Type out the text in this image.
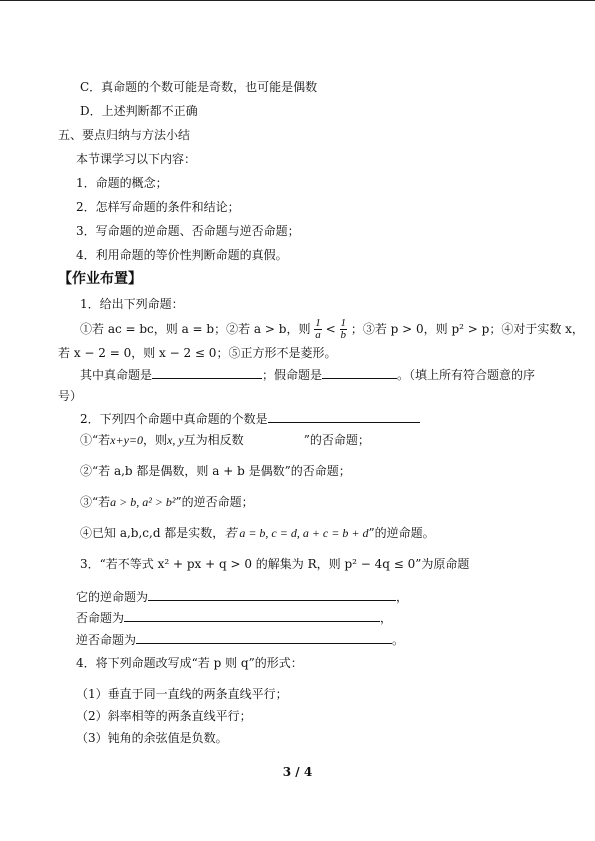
C．真命题的个数可能是奇数，也可能是偶数
D．上述判断都不正确
五、要点归纳与方法小结
本节课学习以下内容：
1．命题的概念；
2．怎样写命题的条件和结论；
3．写命题的逆命题、否命题与逆否命题；
4．利用命题的等价性判断命题的真假。
【作业布置】
1．给出下列命题：
①若 ac = bc，则 a = b；②若 a > b，则 $\frac{1}{a} < \frac{1}{b}$ ；③若 p > 0，则 p² > p；④对于实数 x，
若 x − 2 = 0，则 x − 2 ≤ 0；⑤正方形不是菱形。
其中真命题是	；假命题是	。（填上所有符合题意的序
号）
2．下列四个命题中真命题的个数是
①“若x+y=0，则x, y互为相反数	”的否命题；
②“若 a,b 都是偶数，则 a + b 是偶数”的否命题；
③“若a > b, a² > b²”的逆否命题；
④已知 a,b,c,d 都是实数，若 a = b, c = d, a + c = b + d”的逆命题。
3．“若不等式 x² + px + q > 0 的解集为 R，则 p² − 4q ≤ 0”为原命题
它的逆命题为	，
否命题为	，
逆否命题为	。
4．将下列命题改写成“若 p 则 q”的形式：
（1）垂直于同一直线的两条直线平行；
（2）斜率相等的两条直线平行；
（3）钝角的余弦值是负数。
3 / 4
